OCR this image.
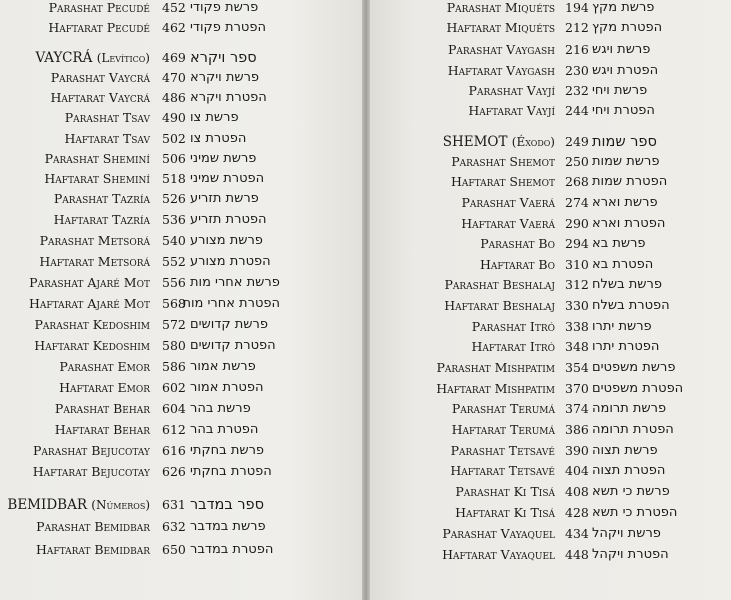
Parashat Pecudé 452 פרשת פקודי
Haftarat Pecudé 462 הפטרת פקודי
VAYCRÁ (Levítico) 469 ספר ויקרא
Parashat Vaycrá 470 פרשת ויקרא
Haftarat Vaycrá 486 הפטרת ויקרא
Parashat Tsav 490 פרשת צו
Haftarat Tsav 502 הפטרת צו
Parashat Sheminí 506 פרשת שמיני
Haftarat Sheminí 518 הפטרת שמיני
Parashat Tazría 526 פרשת תזריע
Haftarat Tazría 536 הפטרת תזריע
Parashat Metsorá 540 פרשת מצורע
Haftarat Metsorá 552 הפטרת מצורע
Parashat Ajaré Mot 556 פרשת אחרי מות
Haftarat Ajaré Mot 568
הפטרת אחרי מות
Parashat Kedoshim 572 פרשת קדושים
Haftarat Kedoshim 580 הפטרת קדושים
Parashat Emor 586 פרשת אמור
Haftarat Emor 602 הפטרת אמור
Parashat Behar 604 פרשת בהר
Haftarat Behar 612 הפטרת בהר
Parashat Bejucotay 616 פרשת בחקתי
Haftarat Bejucotay 626 הפטרת בחקתי
BEMIDBAR (Números) 631 ספר במדבר
Parashat Bemidbar 632 פרשת במדבר
Haftarat Bemidbar 650 הפטרת במדבר
Parashat Miquéts 194 פרשת מקץ
Haftarat Miquéts 212 הפטרת מקץ
Parashat Vaygash 216 פרשת ויגש
Haftarat Vaygash 230 הפטרת ויגש
Parashat Vayjí 232 פרשת ויחי
Haftarat Vayjí 244 הפטרת ויחי
SHEMOT (Éxodo) 249 ספר שמות
Parashat Shemot 250 פרשת שמות
Haftarat Shemot 268 הפטרת שמות
Parashat Vaerá 274 פרשת וארא
Haftarat Vaerá 290 הפטרת וארא
Parashat Bo 294 פרשת בא
Haftarat Bo 310 הפטרת בא
Parashat Beshalaj 312 פרשת בשלח
Haftarat Beshalaj 330 הפטרת בשלח
Parashat Itró 338 פרשת יתרו
Haftarat Itró 348 הפטרת יתרו
Parashat Mishpatim 354 פרשת משפטים
Haftarat Mishpatim 370 הפטרת משפטים
Parashat Terumá 374 פרשת תרומה
Haftarat Terumá 386 הפטרת תרומה
Parashat Tetsavé 390 פרשת תצוה
Haftarat Tetsavé 404 הפטרת תצוה
Parashat Ki Tisá 408 פרשת כי תשא
Haftarat Ki Tisá 428 הפטרת כי תשא
Parashat Vayaquel 434 פרשת ויקהל
Haftarat Vayaquel 448 הפטרת ויקהל
